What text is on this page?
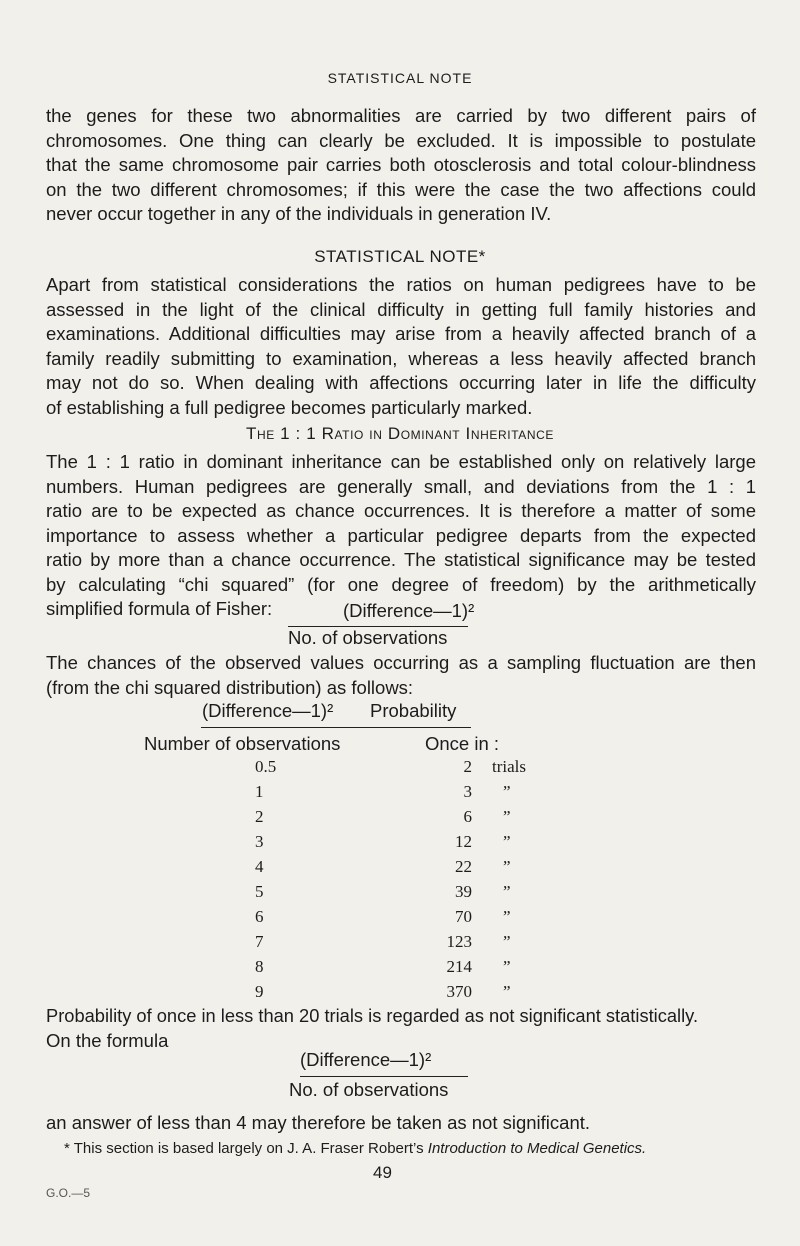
STATISTICAL NOTE
the genes for these two abnormalities are carried by two different pairs of
chromosomes. One thing can clearly be excluded. It is impossible to postulate
that the same chromosome pair carries both otosclerosis and total colour-blindness
on the two different chromosomes; if this were the case the two affections could
never occur together in any of the individuals in generation IV.
STATISTICAL NOTE*
Apart from statistical considerations the ratios on human pedigrees have to be
assessed in the light of the clinical difficulty in getting full family histories and
examinations. Additional difficulties may arise from a heavily affected branch of a
family readily submitting to examination, whereas a less heavily affected branch
may not do so. When dealing with affections occurring later in life the difficulty
of establishing a full pedigree becomes particularly marked.
The 1 : 1 Ratio in Dominant Inheritance
The 1 : 1 ratio in dominant inheritance can be established only on relatively large
numbers. Human pedigrees are generally small, and deviations from the 1 : 1
ratio are to be expected as chance occurrences. It is therefore a matter of some
importance to assess whether a particular pedigree departs from the expected
ratio by more than a chance occurrence. The statistical significance may be tested
by calculating “chi squared” (for one degree of freedom) by the arithmetically
simplified formula of Fisher:	(Difference—1)²
No. of observations
The chances of the observed values occurring as a sampling fluctuation are then
(from the chi squared distribution) as follows:
(Difference—1)² Probability
Number of observations	Once in :
0.5	2 trials
1	3 ”
2	6 ”
3	12 ”
4	22 ”
5	39 ”
6	70 ”
7	123 ”
8	214 ”
9	370 ”
Probability of once in less than 20 trials is regarded as not significant statistically.
On the formula
(Difference—1)²
No. of observations
an answer of less than 4 may therefore be taken as not significant.
* This section is based largely on J. A. Fraser Robert’s Introduction to Medical Genetics.
49
G.O.—5
